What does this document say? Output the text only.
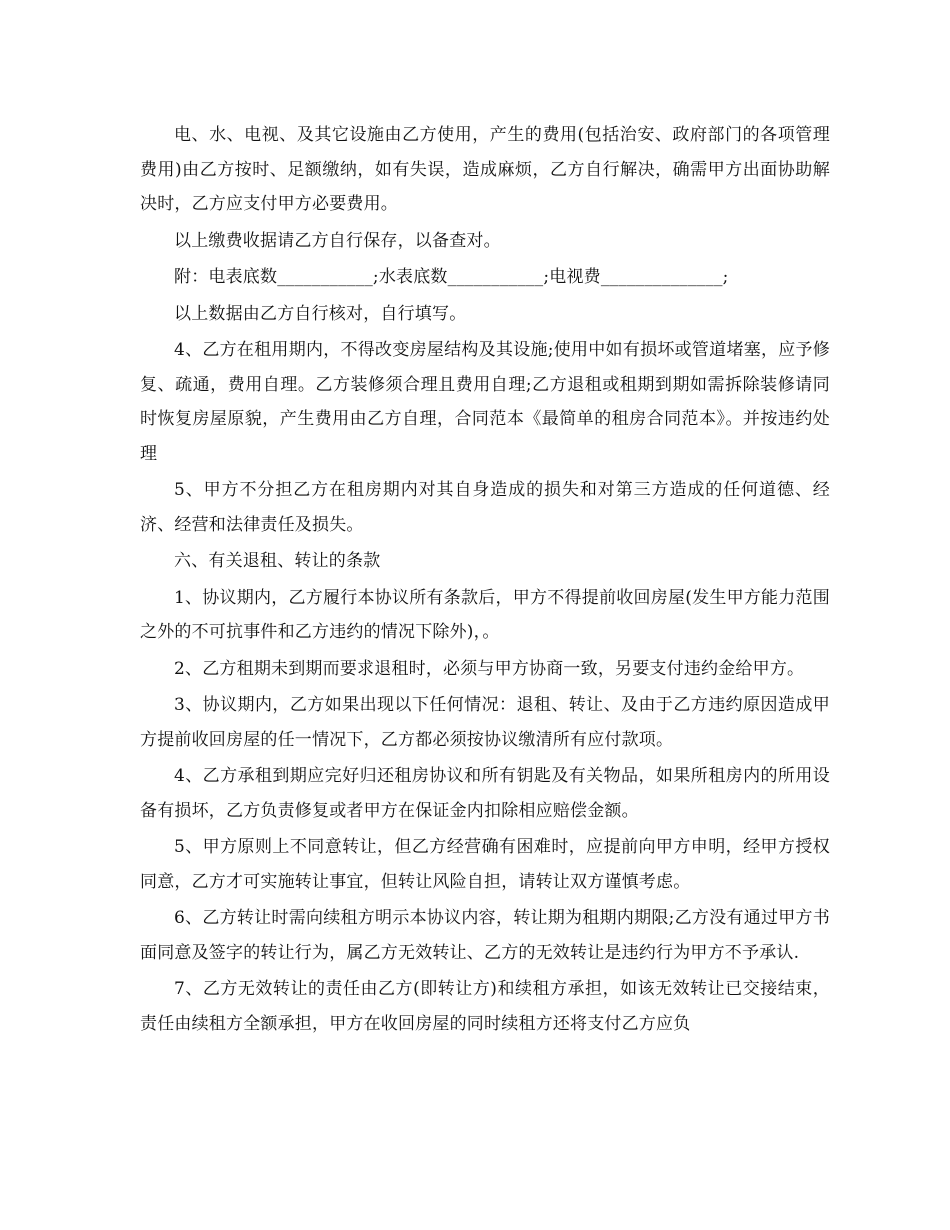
电、水、电视、及其它设施由乙方使用，产生的费用(包括治安、政府部门的各项管理费用)由乙方按时、足额缴纳，如有失误，造成麻烦，乙方自行解决，确需甲方出面协助解决时，乙方应支付甲方必要费用。

以上缴费收据请乙方自行保存，以备查对。

附：电表底数___________;水表底数___________;电视费______________;

以上数据由乙方自行核对，自行填写。

4、乙方在租用期内，不得改变房屋结构及其设施;使用中如有损坏或管道堵塞，应予修复、疏通，费用自理。乙方装修须合理且费用自理;乙方退租或租期到期如需拆除装修请同时恢复房屋原貌，产生费用由乙方自理，合同范本《最简单的租房合同范本》。并按违约处理

5、甲方不分担乙方在租房期内对其自身造成的损失和对第三方造成的任何道德、经济、经营和法律责任及损失。

六、有关退租、转让的条款

1、协议期内，乙方履行本协议所有条款后，甲方不得提前收回房屋(发生甲方能力范围之外的不可抗事件和乙方违约的情况下除外)，。

2、乙方租期未到期而要求退租时，必须与甲方协商一致，另要支付违约金给甲方。

3、协议期内，乙方如果出现以下任何情况：退租、转让、及由于乙方违约原因造成甲方提前收回房屋的任一情况下，乙方都必须按协议缴清所有应付款项。

4、乙方承租到期应完好归还租房协议和所有钥匙及有关物品，如果所租房内的所用设备有损坏，乙方负责修复或者甲方在保证金内扣除相应赔偿金额。

5、甲方原则上不同意转让，但乙方经营确有困难时，应提前向甲方申明，经甲方授权同意，乙方才可实施转让事宜，但转让风险自担，请转让双方谨慎考虑。

6、乙方转让时需向续租方明示本协议内容，转让期为租期内期限;乙方没有通过甲方书面同意及签字的转让行为，属乙方无效转让、乙方的无效转让是违约行为甲方不予承认.

7、乙方无效转让的责任由乙方(即转让方)和续租方承担，如该无效转让已交接结束，责任由续租方全额承担，甲方在收回房屋的同时续租方还将支付乙方应负
